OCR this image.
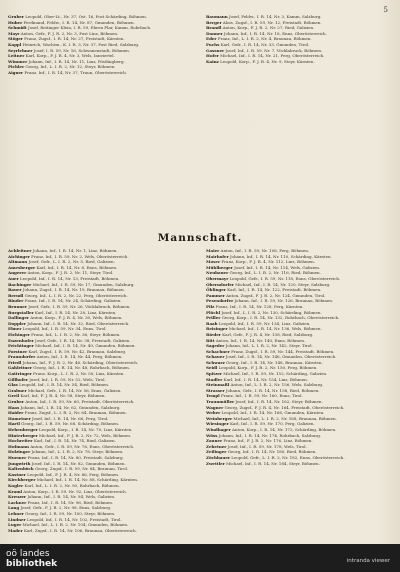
5

Gruber Leopold, Ober-Lt., Nr. 37, Ost. 16, Post Schärding, Böhmen.

Huber Ferdinand, Feldw., I. R. 14, Nr. 87, Gmunden, Böhmen.

Schmidt Josef, Reitinger Klein, I. R. 59, Ehren Flar, Kamm, Rohrbach.

Mayr Anton, Gefr., F. J. R. 2, Nr. 3, Post Linz, Böhmen.

Stöger Franz, Zugsf., I. R. 14, Nr. 27, Freistadt, Kärnten.

Kappl Heinrich, Wachtm., K. I. R. 3, Nr. 37, Post Ried, Salzburg.

Seyrlehner Josef, I. R. 59, Nr. 16, Schwanenstadt, Böhmen.

Leitner Karl, Korp., F. J. R. 4, Nr. 3, Wels, Innviertel.

Wimmer Johann, Inf., I. R. 14, Nr. 11, Linz, Pöstlingberg.

Pichler Georg, Inf., L. I. R. 2, Nr. 12, Steyr, Böhmen.

Aigner Franz, Inf., I. R. 14, Nr. 37, Traun, Oberösterreich.

Baumann Josef, Feldw., I. R. 14, Nr. 3, Kamm, Salzburg.

Berger Alois, Zugsf., I. R. 59, Nr. 12, Freistadt, Böhmen.

Brandl Anton, Korp., F. J. R. 2, Nr. 27, Ried, Galizien.

Danner Johann, Inf., I. R. 14, Nr. 18, Enns, Oberösterreich.

Eder Franz, Inf., L. I. R. 2, Nr. 4, Braunau, Böhmen.

Fuchs Karl, Gefr., I. R. 14, Nr. 33, Gmunden, Tirol.

Gassner Josef, Inf., I. R. 59, Nr. 7, Vöcklabruck, Böhmen.

Hofer Michael, Inf., I. R. 14, Nr. 21, Perg, Oberösterreich.

Kainz Leopold, Korp., F. J. R. 4, Nr. 9, Steyr, Kärnten.

Mannschaft.

Achleitner Johann, Inf., I. R. 14, Nr. 1, Linz, Böhmen.

Aichinger Franz, Inf., I. R. 59, Nr. 2, Wels, Oberösterreich.

Altmann Josef, Gefr., L. I. R. 2, Nr. 5, Ried, Galizien.

Amesberger Karl, Inf., I. R. 14, Nr. 8, Enns, Böhmen.

Angerer Anton, Korp., F. J. R. 2, Nr. 11, Steyr, Tirol.

Auer Leopold, Inf., I. R. 14, Nr. 13, Freistadt, Böhmen.

Bachinger Michael, Inf., I. R. 59, Nr. 17, Gmunden, Salzburg.

Bauer Johann, Zugsf., I. R. 14, Nr. 19, Braunau, Böhmen.

Berndl Georg, Inf., L. I. R. 2, Nr. 22, Perg, Oberösterreich.

Binder Franz, Inf., I. R. 14, Nr. 24, Schärding, Galizien.

Brunner Josef, Gefr., I. R. 59, Nr. 26, Vöcklabruck, Böhmen.

Burgstaller Karl, Inf., I. R. 14, Nr. 28, Linz, Kärnten.

Dallinger Anton, Korp., F. J. R. 4, Nr. 30, Wels, Böhmen.

Doppler Johann, Inf., I. R. 14, Nr. 32, Ried, Oberösterreich.

Ebner Leopold, Inf., I. R. 59, Nr. 34, Enns, Tirol.

Eichinger Franz, Inf., L. I. R. 2, Nr. 36, Steyr, Böhmen.

Enzenhofer Josef, Gefr., I. R. 14, Nr. 38, Freistadt, Galizien.

Feichtinger Michael, Inf., I. R. 14, Nr. 40, Gmunden, Böhmen.

Forstner Karl, Zugsf., I. R. 59, Nr. 42, Braunau, Salzburg.

Fraundorfer Anton, Inf., I. R. 14, Nr. 44, Perg, Böhmen.

Friedl Johann, Inf., F. J. R. 2, Nr. 46, Schärding, Oberösterreich.

Gahleitner Georg, Inf., I. R. 14, Nr. 48, Rohrbach, Böhmen.

Gattringer Franz, Korp., L. I. R. 2, Nr. 50, Linz, Kärnten.

Gillhofer Josef, Inf., I. R. 59, Nr. 52, Wels, Tirol.

Glas Leopold, Inf., I. R. 14, Nr. 54, Ried, Böhmen.

Grabner Michael, Gefr., I. R. 14, Nr. 56, Enns, Galizien.

Greil Karl, Inf., F. J. R. 4, Nr. 58, Steyr, Böhmen.

Gruber Anton, Inf., I. R. 59, Nr. 60, Freistadt, Oberösterreich.

Haas Johann, Inf., I. R. 14, Nr. 62, Gmunden, Salzburg.

Haider Franz, Zugsf., L. I. R. 2, Nr. 64, Braunau, Böhmen.

Hametner Josef, Inf., I. R. 14, Nr. 66, Perg, Tirol.

Hartl Georg, Inf., I. R. 59, Nr. 68, Schärding, Böhmen.

Hehenberger Leopold, Korp., I. R. 14, Nr. 70, Linz, Kärnten.

Hinterberger Michael, Inf., F. J. R. 2, Nr. 72, Wels, Böhmen.

Hochreiter Karl, Inf., I. R. 14, Nr. 74, Ried, Galizien.

Hofmann Anton, Gefr., I. R. 59, Nr. 76, Enns, Oberösterreich.

Holzinger Johann, Inf., L. I. R. 2, Nr. 78, Steyr, Böhmen.

Huemer Franz, Inf., I. R. 14, Nr. 80, Freistadt, Salzburg.

Jungwirth Josef, Inf., I. R. 14, Nr. 82, Gmunden, Böhmen.

Kaltenböck Georg, Zugsf., I. R. 59, Nr. 84, Braunau, Tirol.

Kastner Leopold, Inf., F. J. R. 4, Nr. 86, Perg, Böhmen.

Kirchberger Michael, Inf., I. R. 14, Nr. 88, Schärding, Kärnten.

Kogler Karl, Inf., L. I. R. 2, Nr. 90, Rohrbach, Böhmen.

Kraml Anton, Korp., I. R. 59, Nr. 92, Linz, Oberösterreich.

Kreuzer Johann, Inf., I. R. 14, Nr. 94, Wels, Galizien.

Lackner Franz, Inf., I. R. 14, Nr. 96, Ried, Böhmen.

Lang Josef, Gefr., F. J. R. 2, Nr. 98, Enns, Salzburg.

Lehner Georg, Inf., I. R. 59, Nr. 100, Steyr, Böhmen.

Lindner Leopold, Inf., I. R. 14, Nr. 102, Freistadt, Tirol.

Luger Michael, Inf., L. I. R. 2, Nr. 104, Gmunden, Böhmen.

Mader Karl, Zugsf., I. R. 14, Nr. 106, Braunau, Oberösterreich.

Maier Anton, Inf., I. R. 59, Nr. 108, Perg, Böhmen.

Mairhofer Johann, Inf., I. R. 14, Nr. 110, Schärding, Kärnten.

Moser Franz, Korp., F. J. R. 4, Nr. 112, Linz, Böhmen.

Mühlberger Josef, Inf., I. R. 14, Nr. 114, Wels, Galizien.

Neubauer Georg, Inf., L. I. R. 2, Nr. 116, Ried, Böhmen.

Obermayr Leopold, Gefr., I. R. 59, Nr. 118, Enns, Oberösterreich.

Oberndorfer Michael, Inf., I. R. 14, Nr. 120, Steyr, Salzburg.

Öhlinger Karl, Inf., I. R. 14, Nr. 122, Freistadt, Böhmen.

Pammer Anton, Zugsf., F. J. R. 2, Nr. 124, Gmunden, Tirol.

Pesendorfer Johann, Inf., I. R. 59, Nr. 126, Braunau, Böhmen.

Pilz Franz, Inf., I. R. 14, Nr. 128, Perg, Kärnten.

Plöchl Josef, Inf., L. I. R. 2, Nr. 130, Schärding, Böhmen.

Priller Georg, Korp., I. R. 14, Nr. 132, Rohrbach, Oberösterreich.

Raab Leopold, Inf., I. R. 59, Nr. 134, Linz, Galizien.

Reisinger Michael, Inf., I. R. 14, Nr. 136, Wels, Böhmen.

Rieder Karl, Gefr., F. J. R. 4, Nr. 138, Ried, Salzburg.

Ritt Anton, Inf., I. R. 14, Nr. 140, Enns, Böhmen.

Sageder Johann, Inf., L. I. R. 2, Nr. 142, Steyr, Tirol.

Schachner Franz, Zugsf., I. R. 59, Nr. 144, Freistadt, Böhmen.

Schauer Josef, Inf., I. R. 14, Nr. 146, Gmunden, Oberösterreich.

Schwarz Georg, Inf., I. R. 14, Nr. 148, Braunau, Kärnten.

Seidl Leopold, Korp., F. J. R. 2, Nr. 150, Perg, Böhmen.

Spitzer Michael, Inf., I. R. 59, Nr. 152, Schärding, Galizien.

Stadler Karl, Inf., I. R. 14, Nr. 154, Linz, Böhmen.

Steinmaßl Anton, Inf., L. I. R. 2, Nr. 156, Wels, Salzburg.

Strasser Johann, Gefr., I. R. 14, Nr. 158, Ried, Böhmen.

Templ Franz, Inf., I. R. 59, Nr. 160, Enns, Tirol.

Traunmüller Josef, Inf., I. R. 14, Nr. 162, Steyr, Böhmen.

Wagner Georg, Zugsf., F. J. R. 4, Nr. 164, Freistadt, Oberösterreich.

Weber Leopold, Inf., I. R. 14, Nr. 166, Gmunden, Kärnten.

Weinberger Michael, Inf., L. I. R. 2, Nr. 168, Braunau, Böhmen.

Wiesinger Karl, Inf., I. R. 59, Nr. 170, Perg, Galizien.

Windhager Anton, Korp., I. R. 14, Nr. 172, Schärding, Böhmen.

Wöss Johann, Inf., I. R. 14, Nr. 174, Rohrbach, Salzburg.

Zauner Franz, Inf., F. J. R. 2, Nr. 176, Linz, Böhmen.

Zehetner Josef, Inf., I. R. 59, Nr. 178, Wels, Tirol.

Zeilinger Georg, Inf., I. R. 14, Nr. 180, Ried, Böhmen.

Zöchbauer Leopold, Gefr., L. I. R. 2, Nr. 182, Enns, Oberösterreich.

Zwettler Michael, Inf., I. R. 14, Nr. 184, Steyr, Böhmen.

oö landes
bibliothek	intranda viewer
